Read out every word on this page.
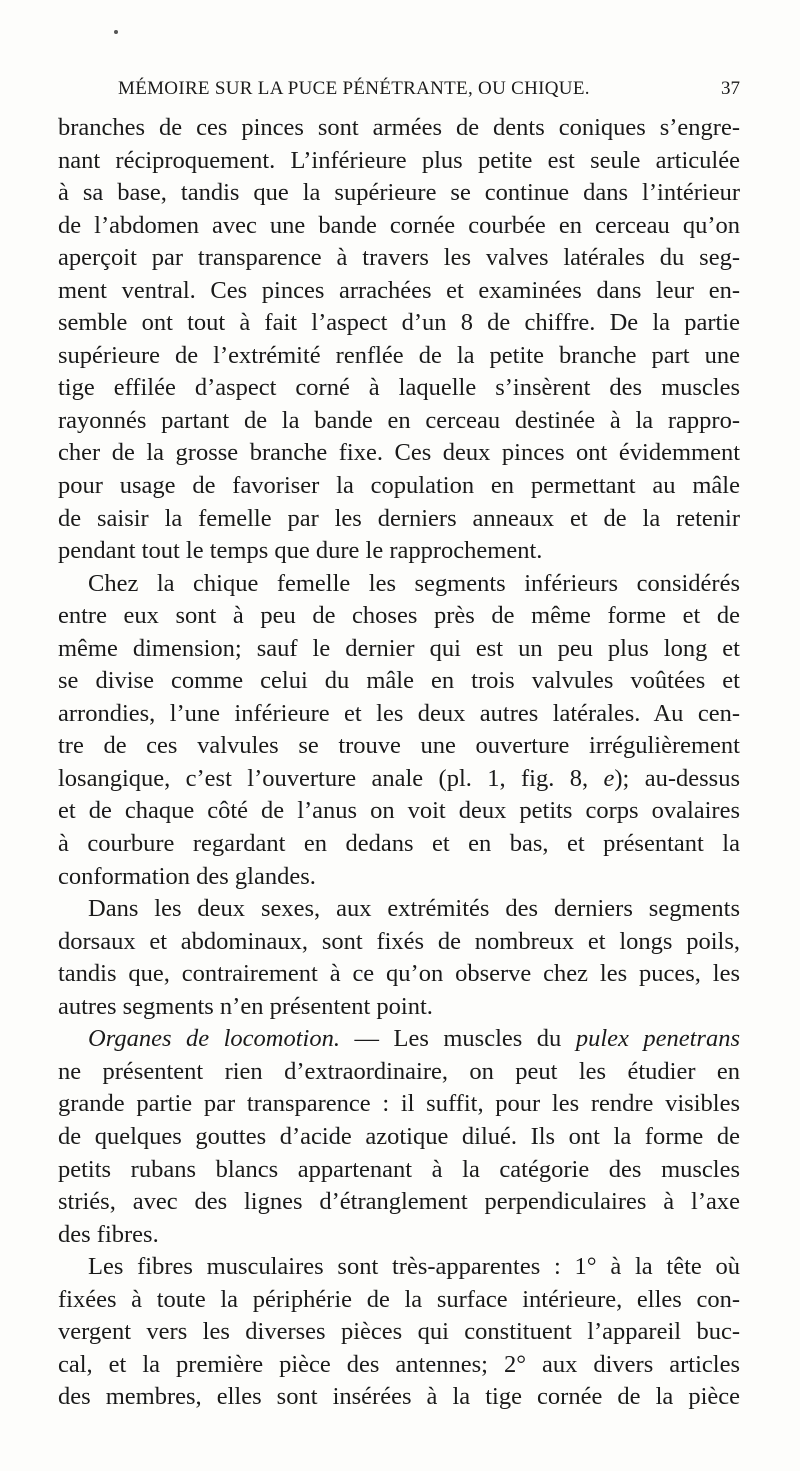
MÉMOIRE SUR LA PUCE PÉNÉTRANTE, OU CHIQUE.	37
branches de ces pinces sont armées de dents coniques s’engre-
nant réciproquement. L’inférieure plus petite est seule articulée
à sa base, tandis que la supérieure se continue dans l’intérieur
de l’abdomen avec une bande cornée courbée en cerceau qu’on
aperçoit par transparence à travers les valves latérales du seg-
ment ventral. Ces pinces arrachées et examinées dans leur en-
semble ont tout à fait l’aspect d’un 8 de chiffre. De la partie
supérieure de l’extrémité renflée de la petite branche part une
tige effilée d’aspect corné à laquelle s’insèrent des muscles
rayonnés partant de la bande en cerceau destinée à la rappro-
cher de la grosse branche fixe. Ces deux pinces ont évidemment
pour usage de favoriser la copulation en permettant au mâle
de saisir la femelle par les derniers anneaux et de la retenir
pendant tout le temps que dure le rapprochement.
Chez la chique femelle les segments inférieurs considérés
entre eux sont à peu de choses près de même forme et de
même dimension; sauf le dernier qui est un peu plus long et
se divise comme celui du mâle en trois valvules voûtées et
arrondies, l’une inférieure et les deux autres latérales. Au cen-
tre de ces valvules se trouve une ouverture irrégulièrement
losangique, c’est l’ouverture anale (pl. 1, fig. 8, e); au-dessus
et de chaque côté de l’anus on voit deux petits corps ovalaires
à courbure regardant en dedans et en bas, et présentant la
conformation des glandes.
Dans les deux sexes, aux extrémités des derniers segments
dorsaux et abdominaux, sont fixés de nombreux et longs poils,
tandis que, contrairement à ce qu’on observe chez les puces, les
autres segments n’en présentent point.
Organes de locomotion. — Les muscles du pulex penetrans
ne présentent rien d’extraordinaire, on peut les étudier en
grande partie par transparence : il suffit, pour les rendre visibles
de quelques gouttes d’acide azotique dilué. Ils ont la forme de
petits rubans blancs appartenant à la catégorie des muscles
striés, avec des lignes d’étranglement perpendiculaires à l’axe
des fibres.
Les fibres musculaires sont très-apparentes : 1° à la tête où
fixées à toute la périphérie de la surface intérieure, elles con-
vergent vers les diverses pièces qui constituent l’appareil buc-
cal, et la première pièce des antennes; 2° aux divers articles
des membres, elles sont insérées à la tige cornée de la pièce
